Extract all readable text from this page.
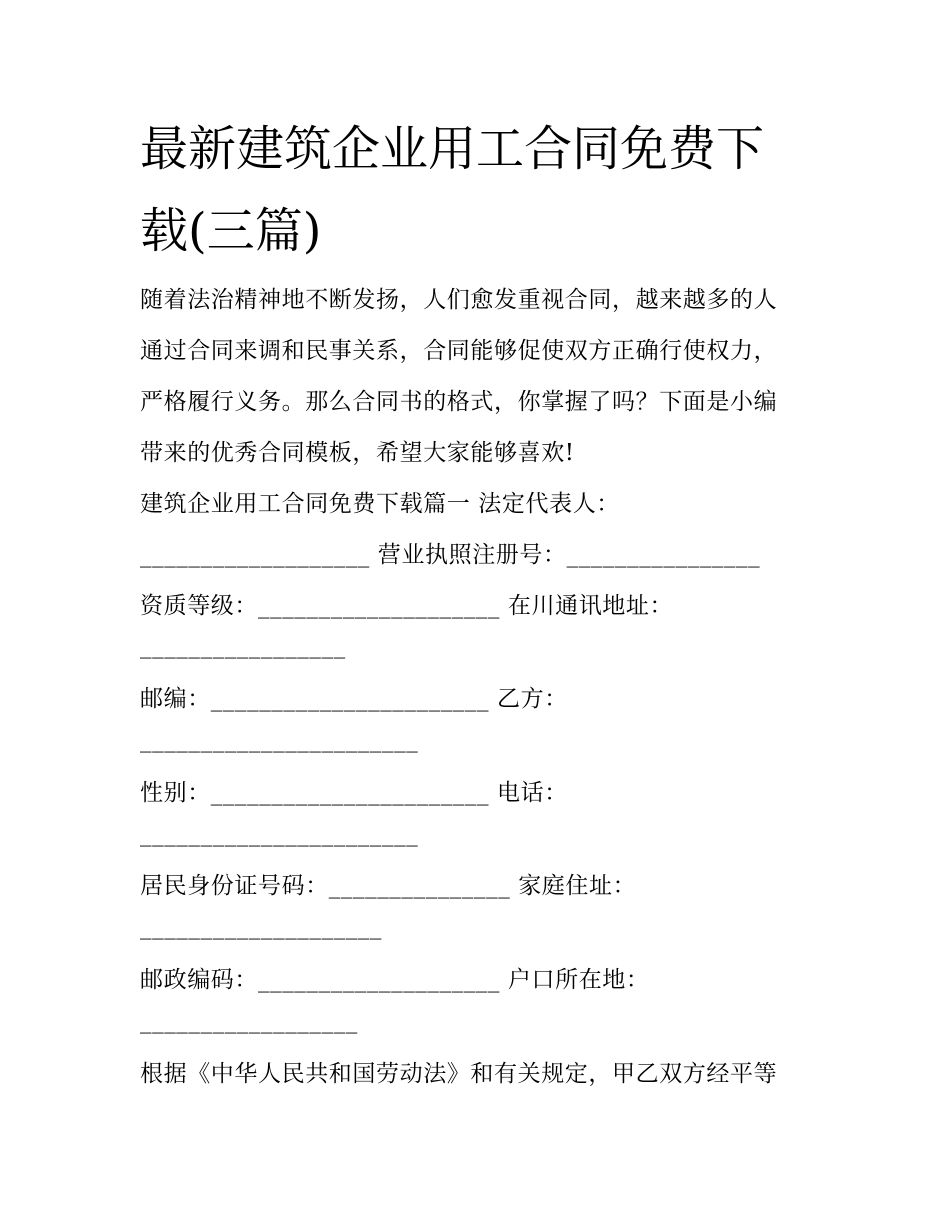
最新建筑企业用工合同免费下
载(三篇)
随着法治精神地不断发扬，人们愈发重视合同，越来越多的人
通过合同来调和民事关系，合同能够促使双方正确行使权力，
严格履行义务。那么合同书的格式，你掌握了吗？下面是小编
带来的优秀合同模板，希望大家能够喜欢!
建筑企业用工合同免费下载篇一 法定代表人：
___________________ 营业执照注册号：________________
资质等级：____________________ 在川通讯地址：
_________________
邮编：_______________________ 乙方：
_______________________
性别：_______________________ 电话：
_______________________
居民身份证号码：_______________ 家庭住址：
____________________
邮政编码：____________________ 户口所在地：
__________________
根据《中华人民共和国劳动法》和有关规定，甲乙双方经平等
